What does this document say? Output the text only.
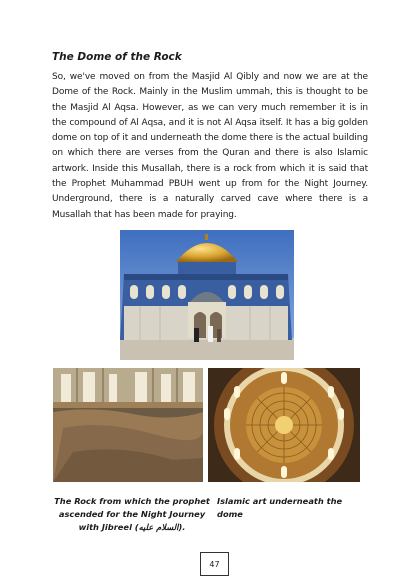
The Dome of the Rock
So, we've moved on from the Masjid Al Qibly and now we are at the Dome of the Rock. Mainly in the Muslim ummah, this is thought to be the Masjid Al Aqsa. However, as we can very much remember it is in the compound of Al Aqsa, and it is not Al Aqsa itself. It has a big golden dome on top of it and underneath the dome there is the actual building on which there are verses from the Quran and there is also Islamic artwork. Inside this Musallah, there is a rock from which it is said that the Prophet Muhammad PBUH went up from for the Night Journey. Underground, there is a naturally carved cave where there is a Musallah that has been made for praying.
The Rock from which the prophet ascended for the Night Journey with Jibreel (السلام عليه).
Islamic art underneath the dome
47
